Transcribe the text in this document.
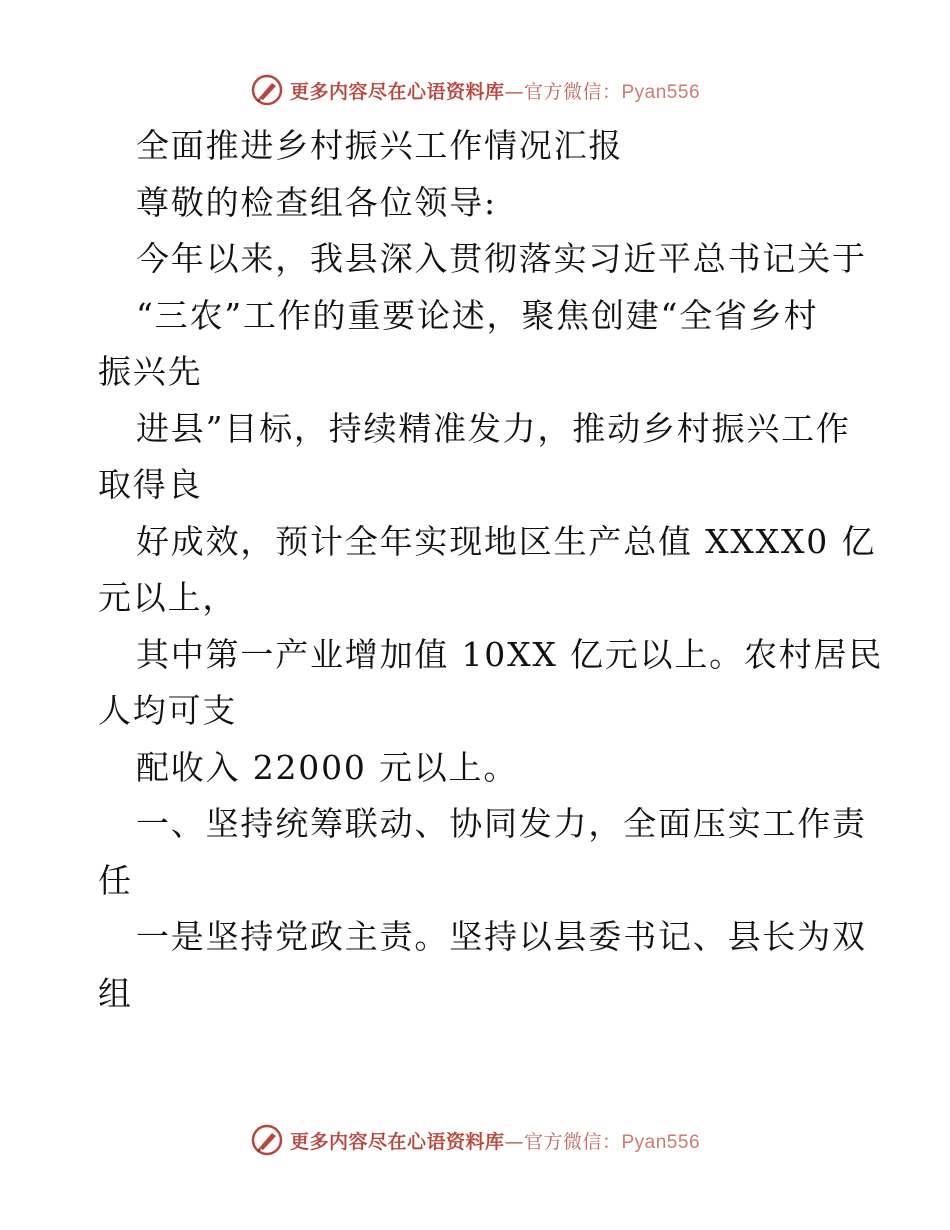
更多内容尽在心语资料库—官方微信：Pyan556
全面推进乡村振兴工作情况汇报
尊敬的检查组各位领导:
今年以来，我县深入贯彻落实习近平总书记关于
“三农”工作的重要论述，聚焦创建“全省乡村
振兴先
进县”目标，持续精准发力，推动乡村振兴工作
取得良
好成效，预计全年实现地区生产总值 XXXX0 亿
元以上，
其中第一产业增加值 10XX 亿元以上。农村居民
人均可支
配收入 22000 元以上。
一、坚持统筹联动、协同发力，全面压实工作责
任
一是坚持党政主责。坚持以县委书记、县长为双
组
更多内容尽在心语资料库—官方微信：Pyan556
